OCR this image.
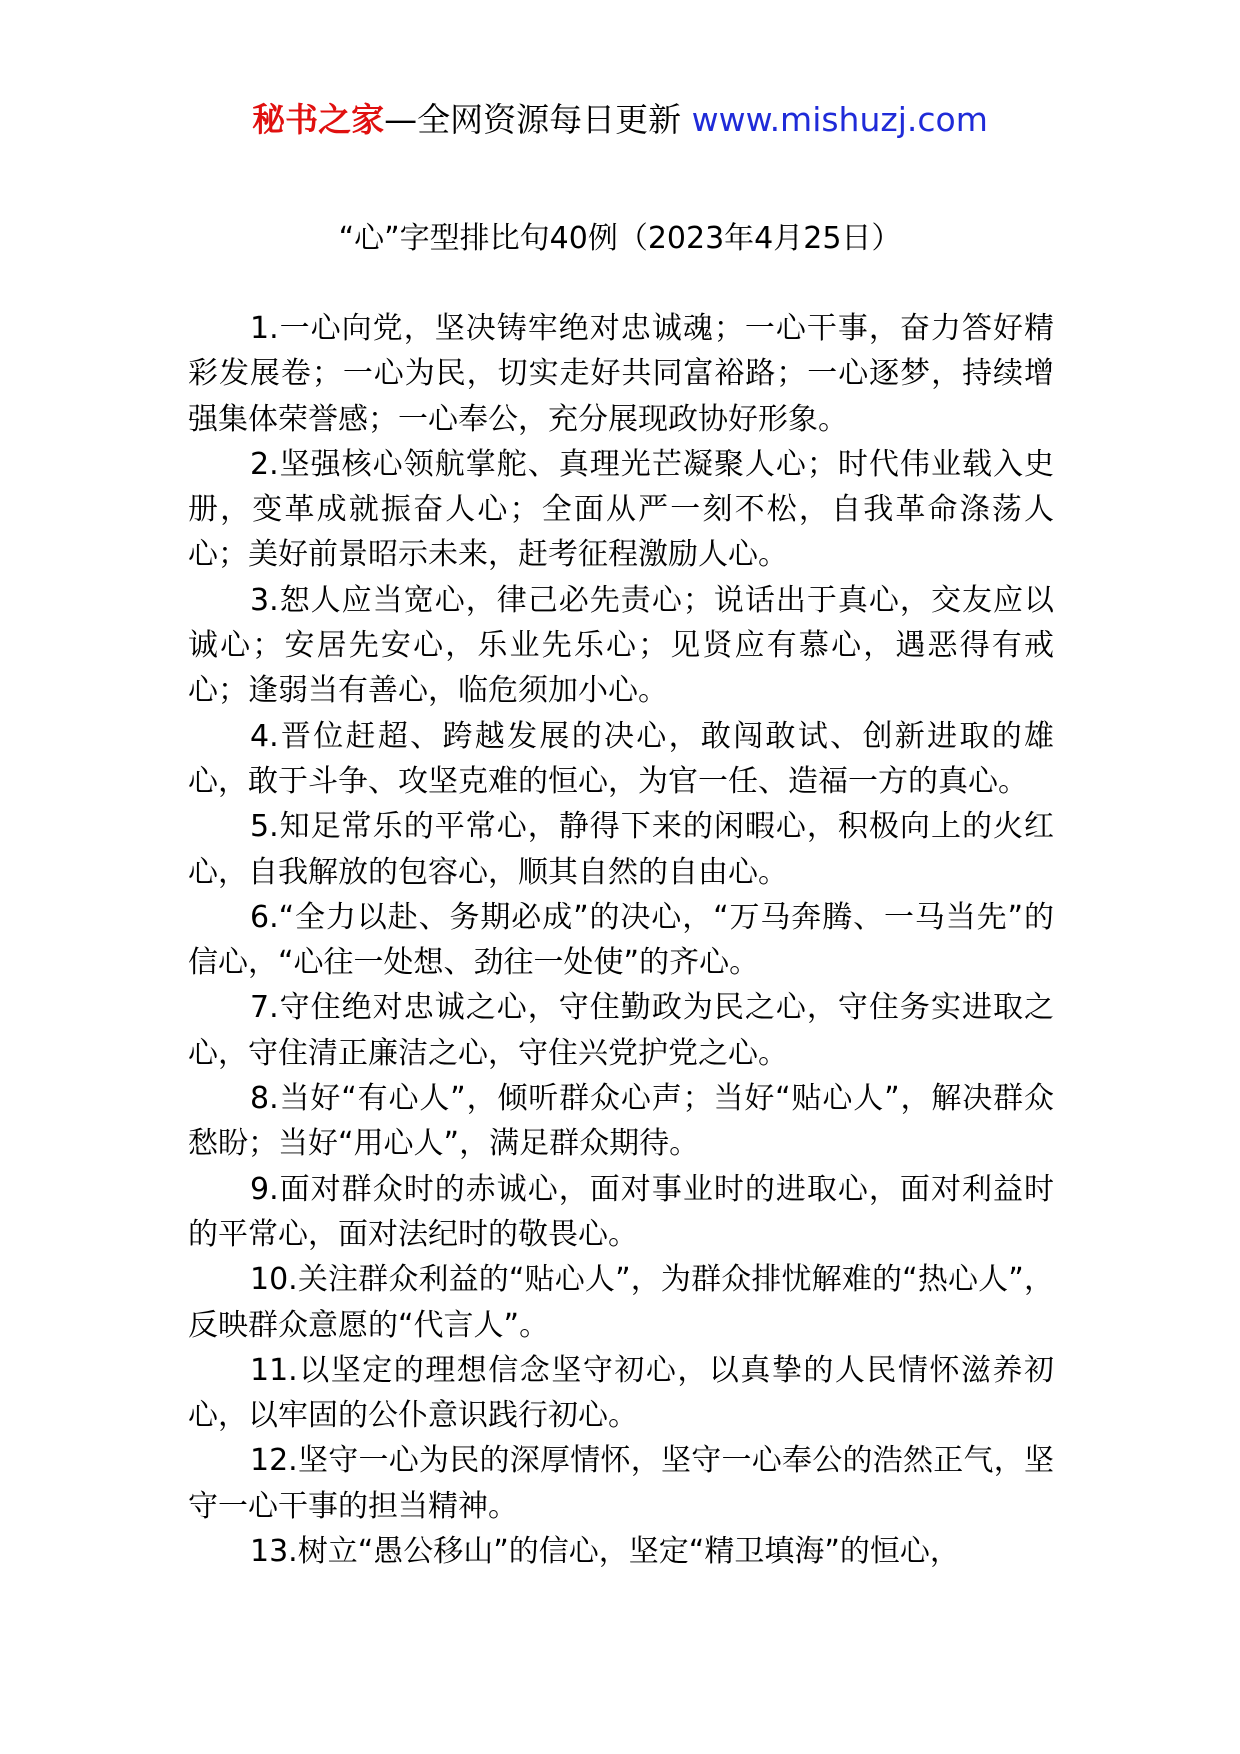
秘书之家—全网资源每日更新 www.mishuzj.com
“心”字型排比句40例（2023年4月25日）

1.一心向党，坚决铸牢绝对忠诚魂；一心干事，奋力答好精彩发展卷；一心为民，切实走好共同富裕路；一心逐梦，持续增强集体荣誉感；一心奉公，充分展现政协好形象。

2.坚强核心领航掌舵、真理光芒凝聚人心；时代伟业载入史册，变革成就振奋人心；全面从严一刻不松，自我革命涤荡人心；美好前景昭示未来，赶考征程激励人心。

3.恕人应当宽心，律己必先责心；说话出于真心，交友应以诚心；安居先安心，乐业先乐心；见贤应有慕心，遇恶得有戒心；逢弱当有善心，临危须加小心。

4.晋位赶超、跨越发展的决心，敢闯敢试、创新进取的雄心，敢于斗争、攻坚克难的恒心，为官一任、造福一方的真心。

5.知足常乐的平常心，静得下来的闲暇心，积极向上的火红心，自我解放的包容心，顺其自然的自由心。

6.“全力以赴、务期必成”的决心，“万马奔腾、一马当先”的信心，“心往一处想、劲往一处使”的齐心。

7.守住绝对忠诚之心，守住勤政为民之心，守住务实进取之心，守住清正廉洁之心，守住兴党护党之心。

8.当好“有心人”，倾听群众心声；当好“贴心人”，解决群众愁盼；当好“用心人”，满足群众期待。

9.面对群众时的赤诚心，面对事业时的进取心，面对利益时的平常心，面对法纪时的敬畏心。

10.关注群众利益的“贴心人”，为群众排忧解难的“热心人”，反映群众意愿的“代言人”。

11.以坚定的理想信念坚守初心，以真挚的人民情怀滋养初心，以牢固的公仆意识践行初心。

12.坚守一心为民的深厚情怀，坚守一心奉公的浩然正气，坚守一心干事的担当精神。

13.树立“愚公移山”的信心，坚定“精卫填海”的恒心，
